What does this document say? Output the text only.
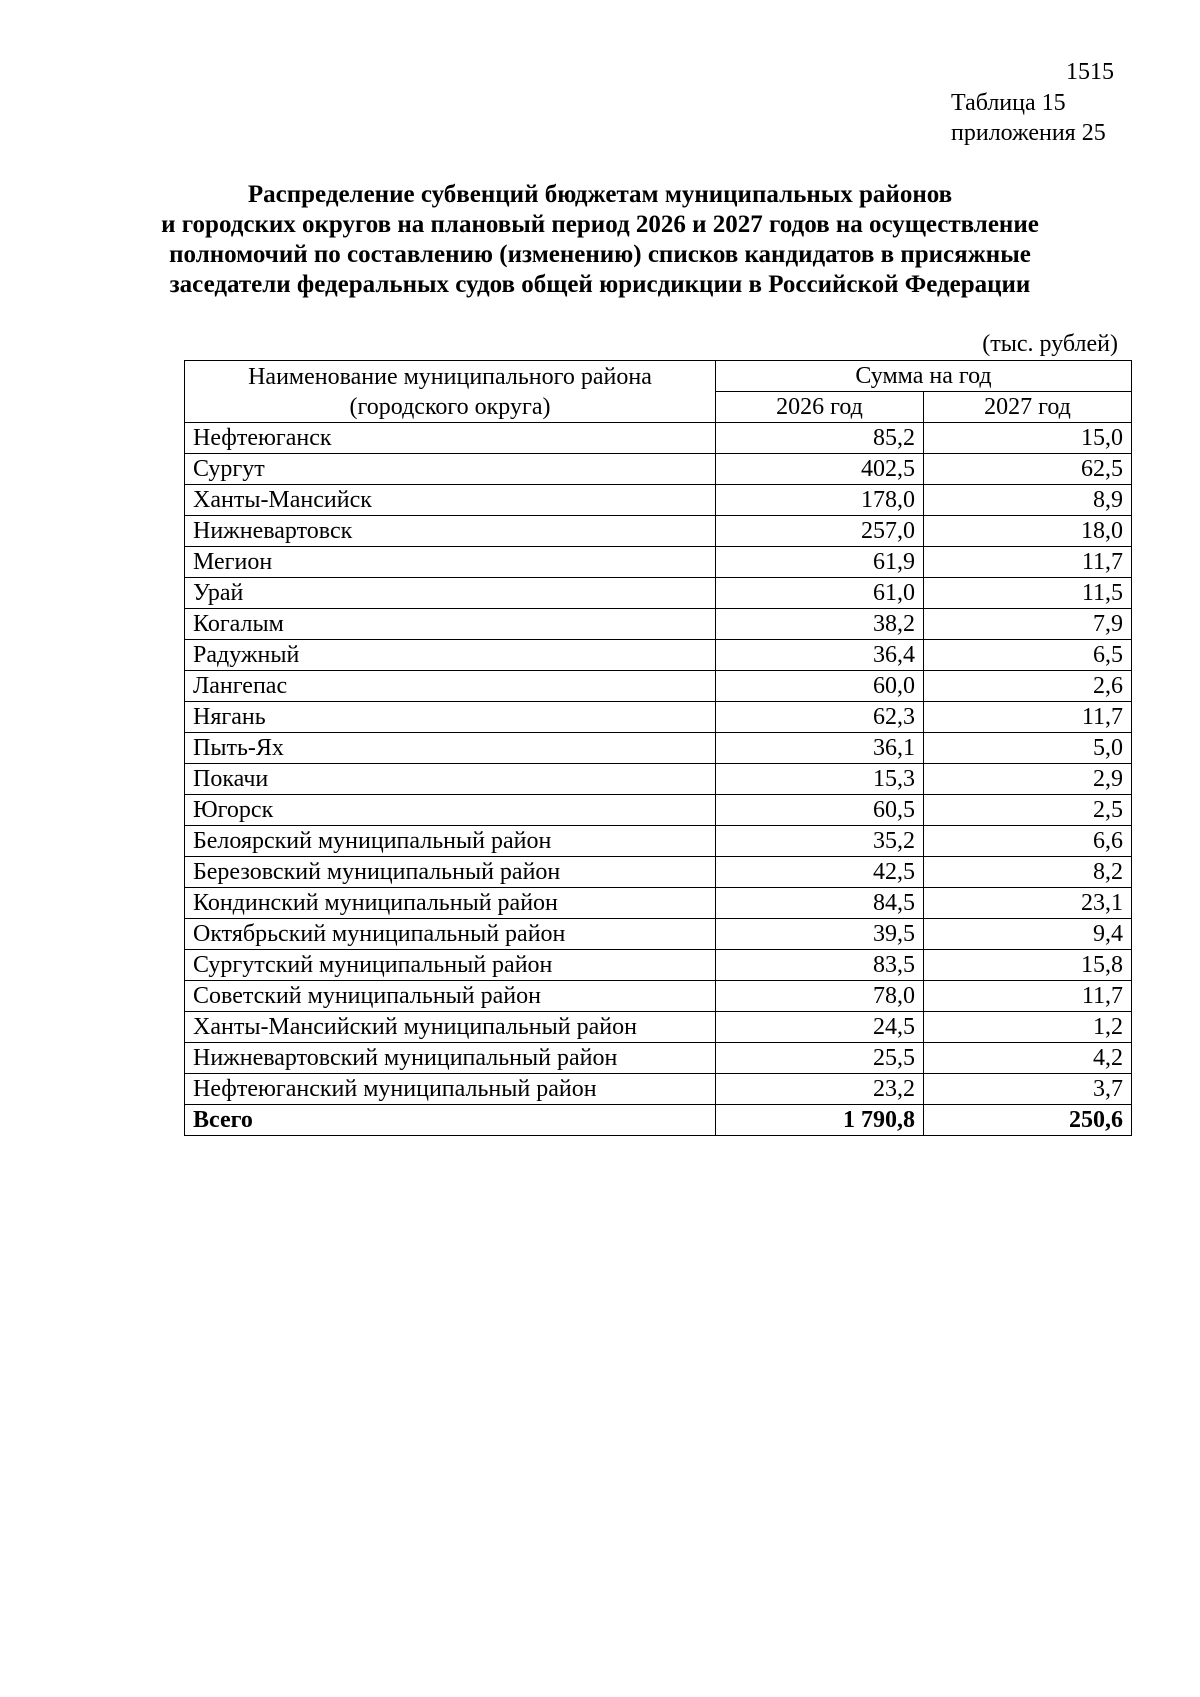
1515
Таблица 15
приложения 25
Распределение субвенций бюджетам муниципальных районов
и городских округов на плановый период 2026 и 2027 годов на осуществление
полномочий по составлению (изменению) списков кандидатов в присяжные
заседатели федеральных судов общей юрисдикции в Российской Федерации
(тыс. рублей)
Наименование муниципального района
(городского округа)	Сумма на год	
	2026 год	2027 год
Нефтеюганск	85,2	15,0
Сургут	402,5	62,5
Ханты-Мансийск	178,0	8,9
Нижневартовск	257,0	18,0
Мегион	61,9	11,7
Урай	61,0	11,5
Когалым	38,2	7,9
Радужный	36,4	6,5
Лангепас	60,0	2,6
Нягань	62,3	11,7
Пыть-Ях	36,1	5,0
Покачи	15,3	2,9
Югорск	60,5	2,5
Белоярский муниципальный район	35,2	6,6
Березовский муниципальный район	42,5	8,2
Кондинский муниципальный район	84,5	23,1
Октябрьский муниципальный район	39,5	9,4
Сургутский муниципальный район	83,5	15,8
Советский муниципальный район	78,0	11,7
Ханты-Мансийский муниципальный район	24,5	1,2
Нижневартовский муниципальный район	25,5	4,2
Нефтеюганский муниципальный район	23,2	3,7
Всего	1 790,8	250,6
